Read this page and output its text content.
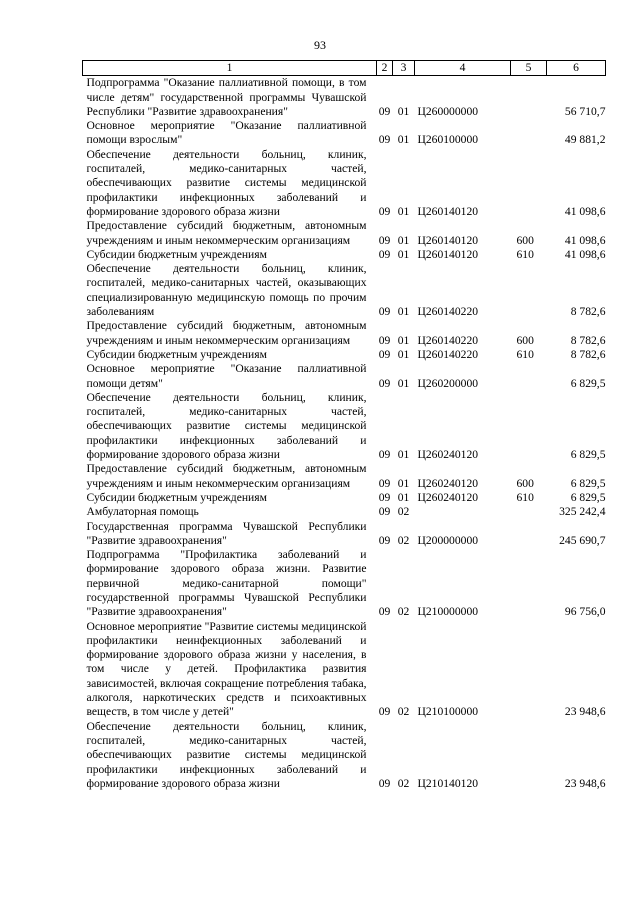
93
1	2	3	4	5	6
Подпрограмма "Оказание паллиативной помощи, в том числе детям" государственной программы Чувашской Республики "Развитие здравоохранения"	09	01	Ц260000000		56 710,7
Основное мероприятие "Оказание паллиативной помощи взрослым"	09	01	Ц260100000		49 881,2
Обеспечение деятельности больниц, клиник, госпиталей, медико-санитарных частей, обеспечивающих развитие системы медицинской профилактики инфекционных заболеваний и формирование здорового образа жизни	09	01	Ц260140120		41 098,6
Предоставление субсидий бюджетным, автономным учреждениям и иным некоммерческим организациям	09	01	Ц260140120	600	41 098,6
Субсидии бюджетным учреждениям	09	01	Ц260140120	610	41 098,6
Обеспечение деятельности больниц, клиник, госпиталей, медико-санитарных частей, оказывающих специализированную медицинскую помощь по прочим заболеваниям	09	01	Ц260140220		8 782,6
Предоставление субсидий бюджетным, автономным учреждениям и иным некоммерческим организациям	09	01	Ц260140220	600	8 782,6
Субсидии бюджетным учреждениям	09	01	Ц260140220	610	8 782,6
Основное мероприятие "Оказание паллиативной помощи детям"	09	01	Ц260200000		6 829,5
Обеспечение деятельности больниц, клиник, госпиталей, медико-санитарных частей, обеспечивающих развитие системы медицинской профилактики инфекционных заболеваний и формирование здорового образа жизни	09	01	Ц260240120		6 829,5
Предоставление субсидий бюджетным, автономным учреждениям и иным некоммерческим организациям	09	01	Ц260240120	600	6 829,5
Субсидии бюджетным учреждениям	09	01	Ц260240120	610	6 829,5
Амбулаторная помощь	09	02			325 242,4
Государственная программа Чувашской Республики "Развитие здравоохранения"	09	02	Ц200000000		245 690,7
Подпрограмма "Профилактика заболеваний и формирование здорового образа жизни. Развитие первичной медико-санитарной помощи" государственной программы Чувашской Республики "Развитие здравоохранения"	09	02	Ц210000000		96 756,0
Основное мероприятие "Развитие системы медицинской профилактики неинфекционных заболеваний и формирование здорового образа жизни у населения, в том числе у детей. Профилактика развития зависимостей, включая сокращение потребления табака, алкоголя, наркотических средств и психоактивных веществ, в том числе у детей"	09	02	Ц210100000		23 948,6
Обеспечение деятельности больниц, клиник, госпиталей, медико-санитарных частей, обеспечивающих развитие системы медицинской профилактики инфекционных заболеваний и формирование здорового образа жизни	09	02	Ц210140120		23 948,6
